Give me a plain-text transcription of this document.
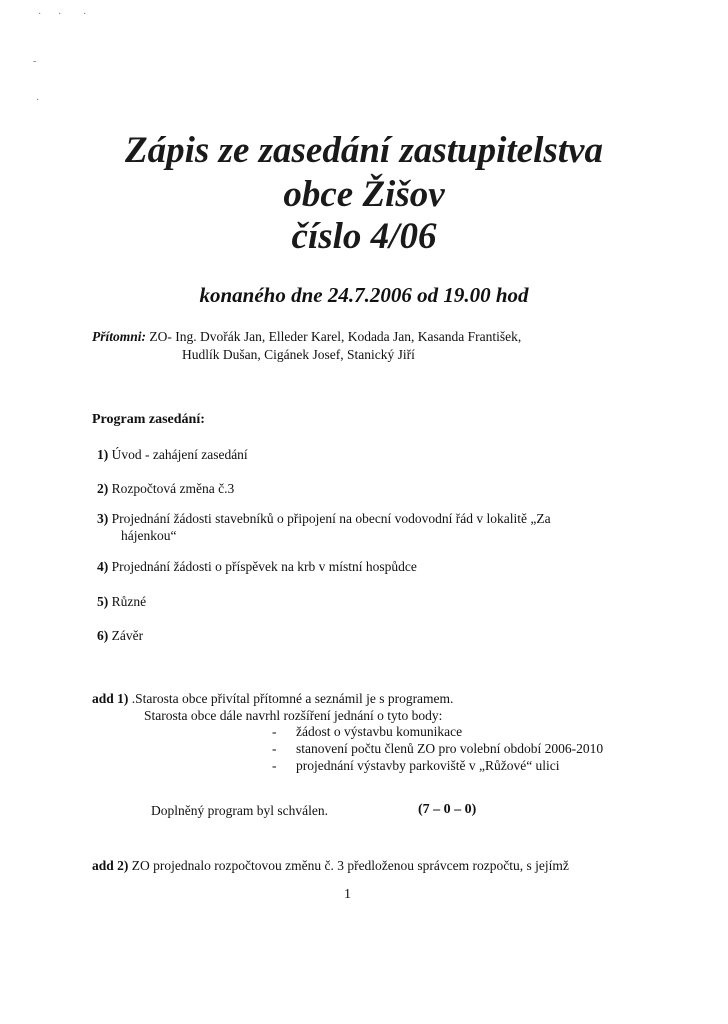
· · ·
-
·
Zápis ze zasedání zastupitelstva
obce Žišov
číslo 4/06
konaného dne 24.7.2006 od 19.00 hod
Přítomni: ZO- Ing. Dvořák Jan, Elleder Karel, Kodada Jan, Kasanda František,
Hudlík Dušan, Cigánek Josef, Stanický Jiří
Program zasedání:
1) Úvod - zahájení zasedání
2) Rozpočtová změna č.3
3) Projednání žádosti stavebníků o připojení na obecní vodovodní řád v lokalitě „Za
hájenkou“
4) Projednání žádosti o příspěvek na krb v místní hospůdce
5) Různé
6) Závěr
add 1) .Starosta obce přivítal přítomné a seznámil je s programem.
Starosta obce dále navrhl rozšíření jednání o tyto body:
- žádost o výstavbu komunikace
- stanovení počtu členů ZO pro volební období 2006-2010
- projednání výstavby parkoviště v „Růžové“ ulici
Doplněný program byl schválen.	(7 – 0 – 0)
add 2) ZO projednalo rozpočtovou změnu č. 3 předloženou správcem rozpočtu, s jejímž
1
